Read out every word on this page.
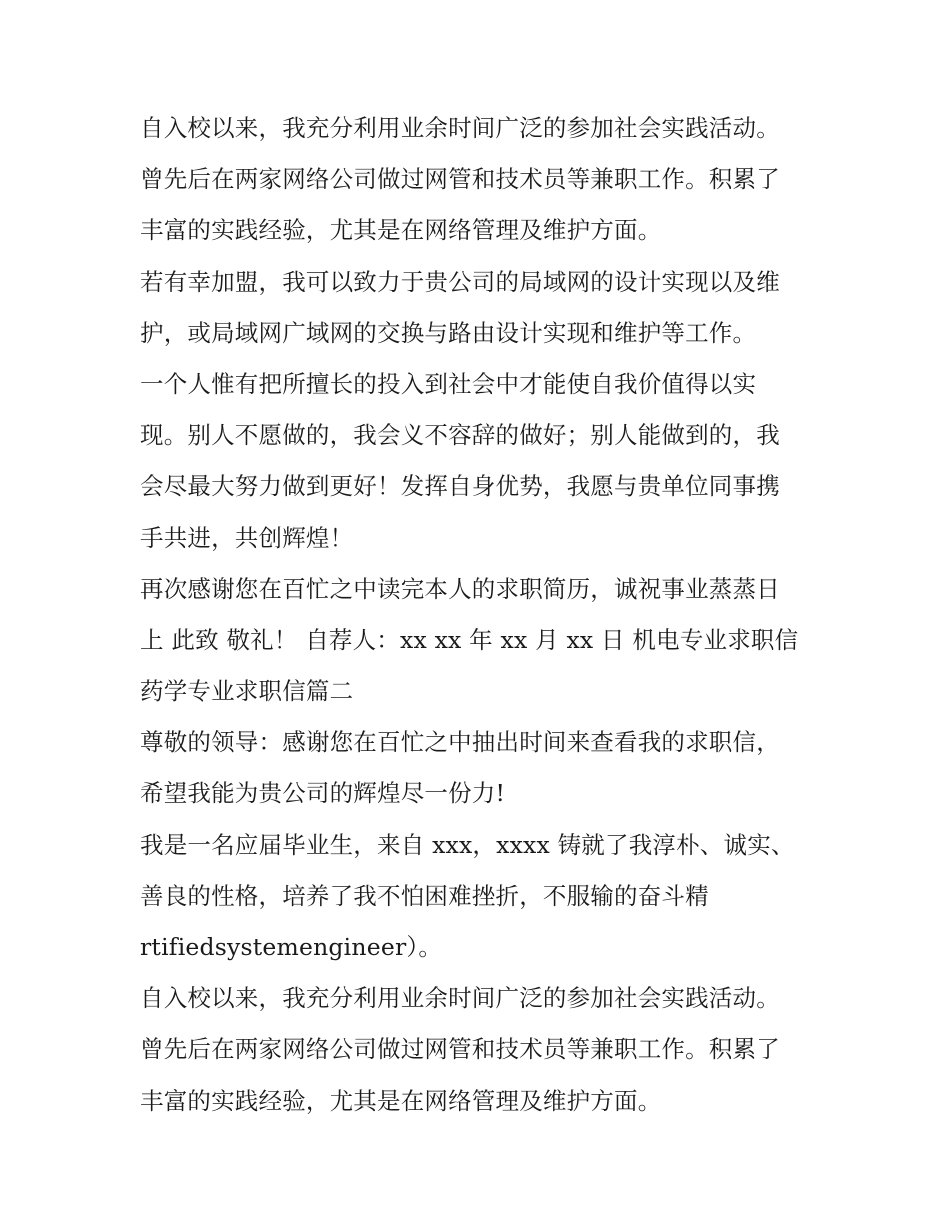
自入校以来，我充分利用业余时间广泛的参加社会实践活动。
曾先后在两家网络公司做过网管和技术员等兼职工作。积累了
丰富的实践经验，尤其是在网络管理及维护方面。
若有幸加盟，我可以致力于贵公司的局域网的设计实现以及维
护，或局域网广域网的交换与路由设计实现和维护等工作。
一个人惟有把所擅长的投入到社会中才能使自我价值得以实
现。别人不愿做的，我会义不容辞的做好；别人能做到的，我
会尽最大努力做到更好！发挥自身优势，我愿与贵单位同事携
手共进，共创辉煌！
再次感谢您在百忙之中读完本人的求职简历，诚祝事业蒸蒸日
上 此致 敬礼！ 自荐人：xx xx 年 xx 月 xx 日 机电专业求职信
药学专业求职信篇二
尊敬的领导：感谢您在百忙之中抽出时间来查看我的求职信，
希望我能为贵公司的辉煌尽一份力!
我是一名应届毕业生，来自 xxx，xxxx 铸就了我淳朴、诚实、
善良的性格，培养了我不怕困难挫折，不服输的奋斗精
rtifiedsystemengineer）。
自入校以来，我充分利用业余时间广泛的参加社会实践活动。
曾先后在两家网络公司做过网管和技术员等兼职工作。积累了
丰富的实践经验，尤其是在网络管理及维护方面。
